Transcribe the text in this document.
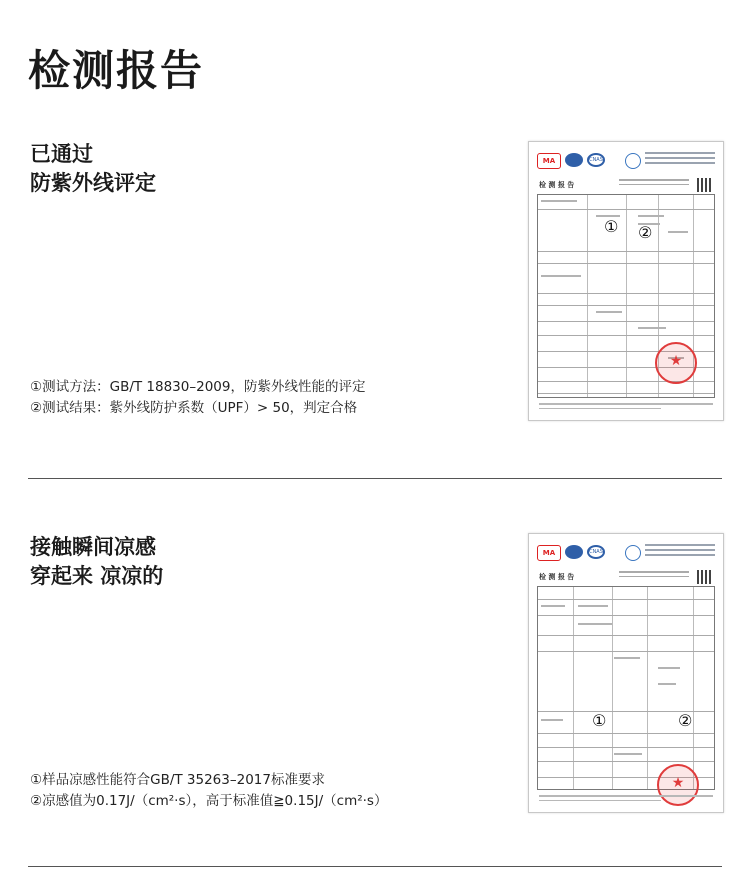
检测报告
已通过
防紫外线评定
①测试方法：GB/T 18830–2009，防紫外线性能的评定
②测试结果：紫外线防护系数（UPF）> 50，判定合格
MA	CNAS
检 测 报 告
① ②
★
接触瞬间凉感
穿起来 凉凉的
①样品凉感性能符合GB/T 35263–2017标准要求
②凉感值为0.17J/（cm²·s），高于标准值≧0.15J/（cm²·s）
MA	CNAS
检 测 报 告
①	②
★
